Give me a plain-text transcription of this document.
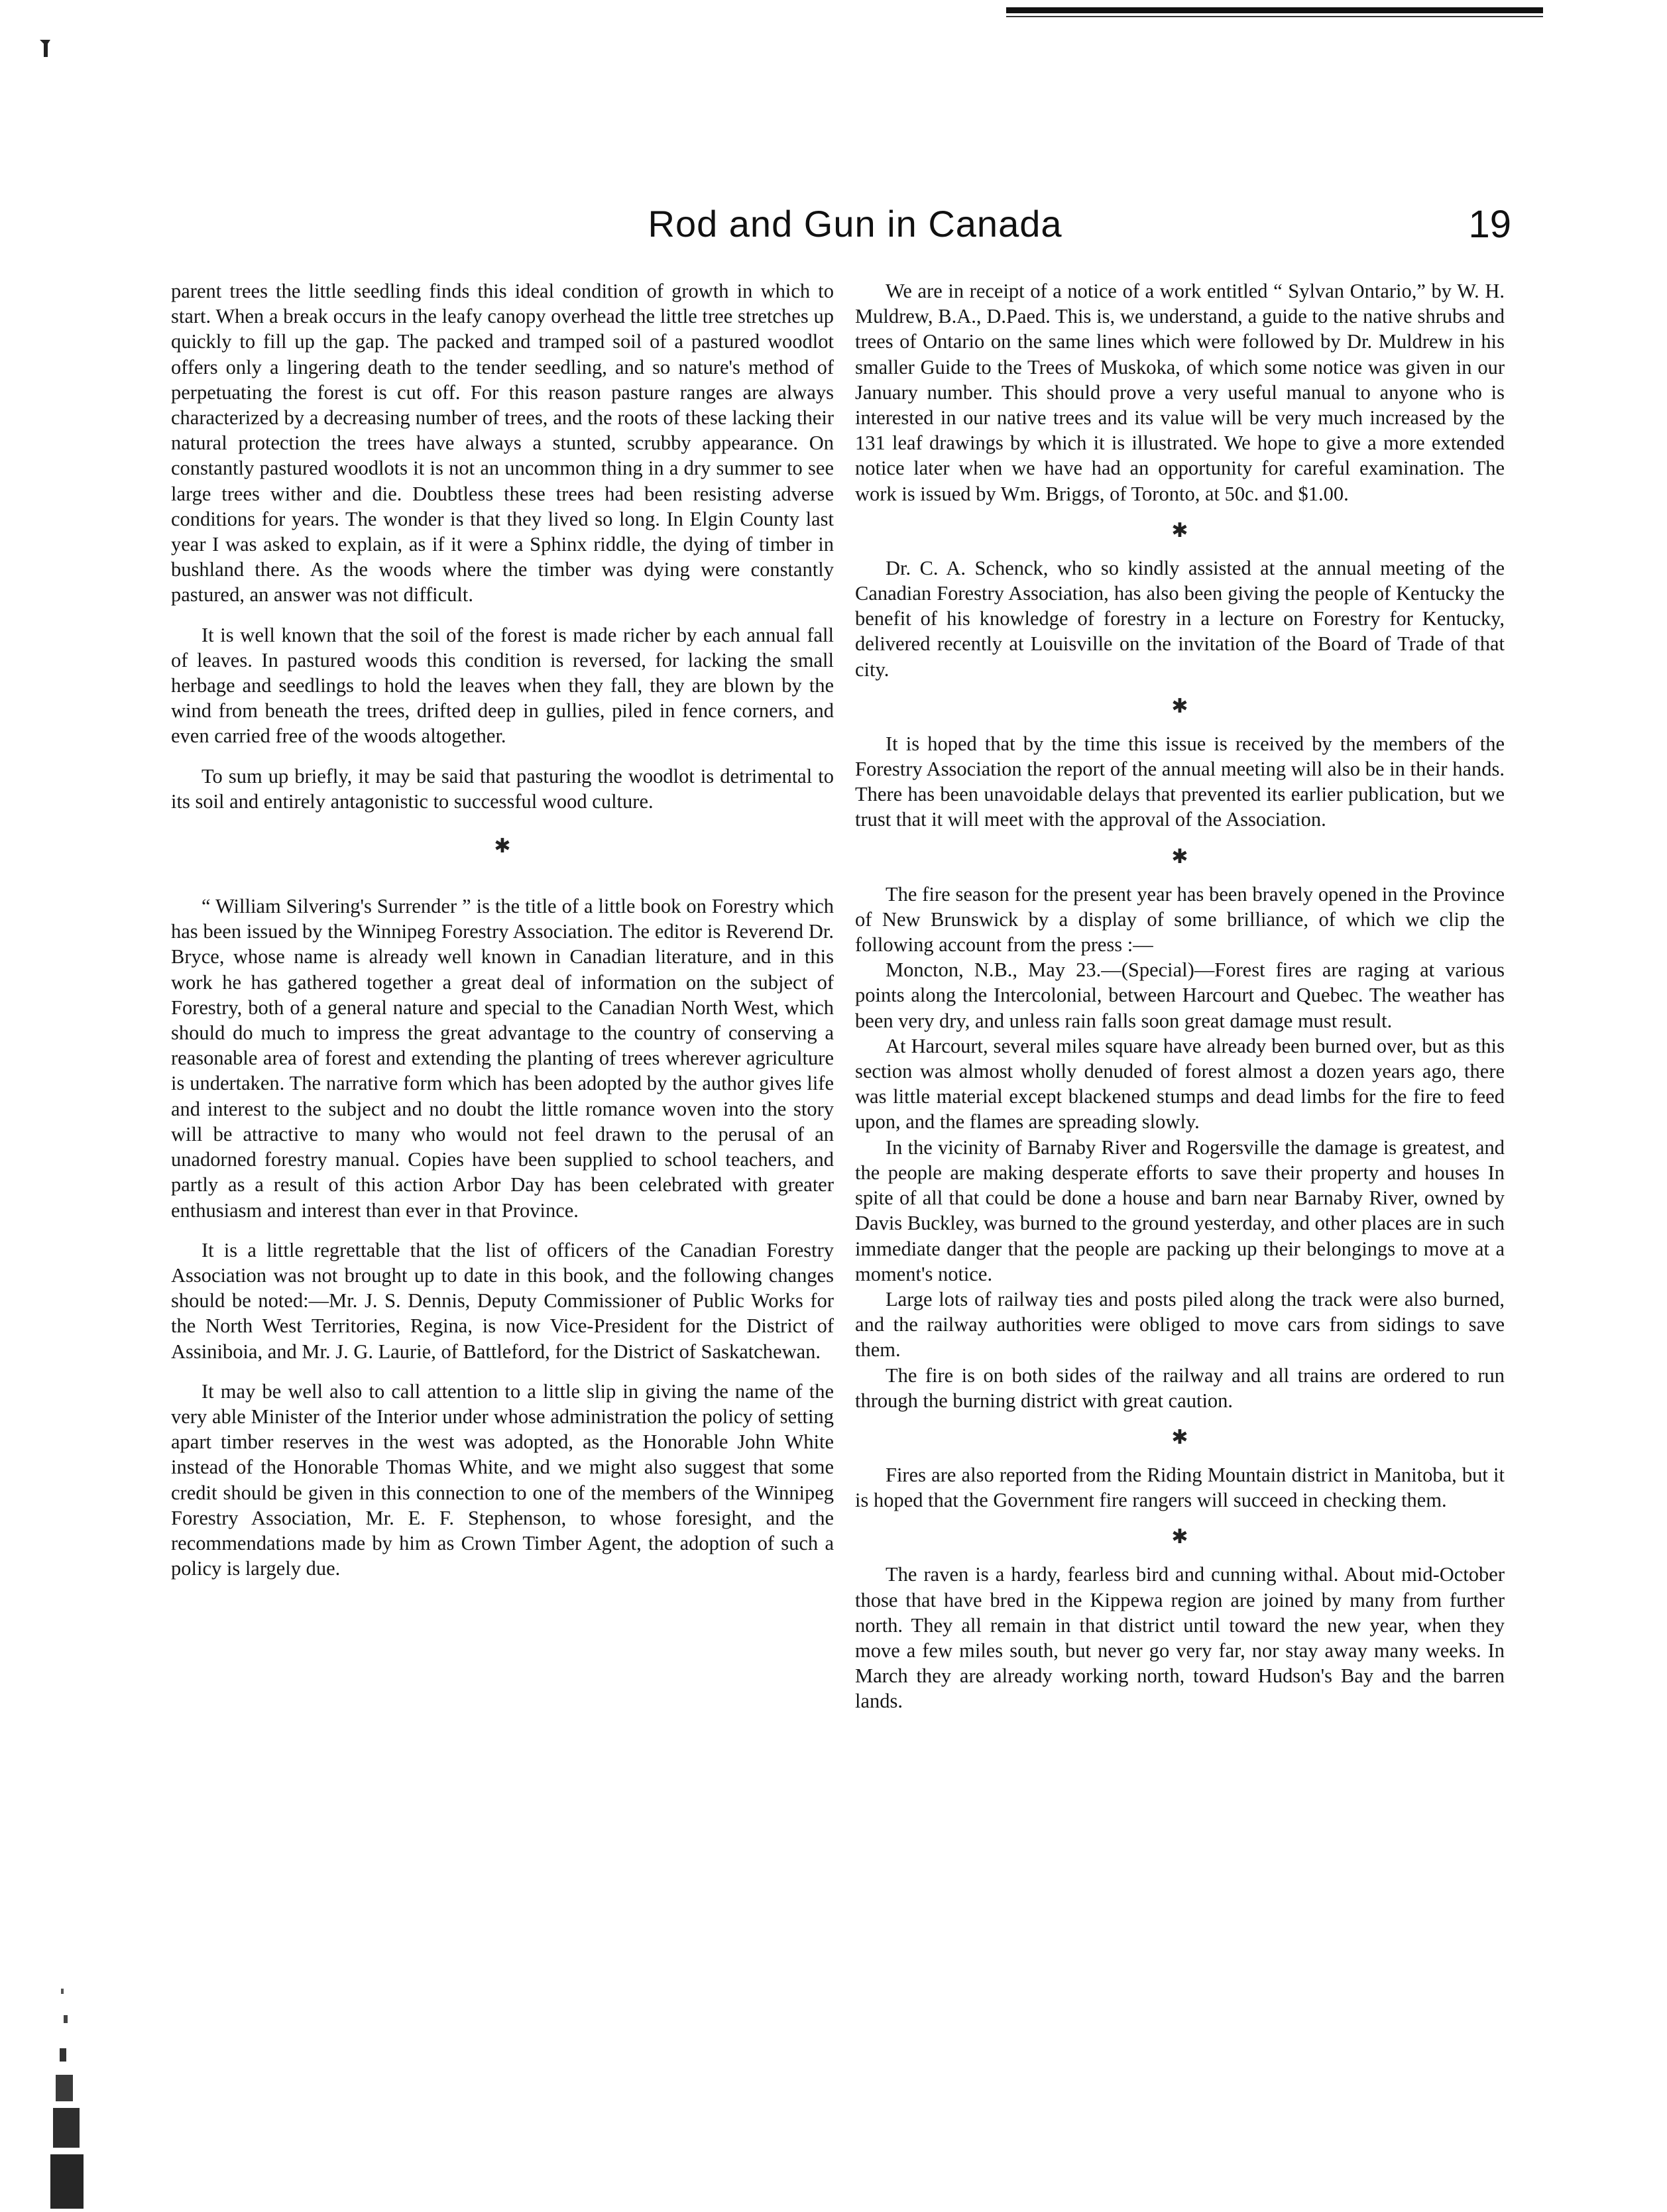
Rod and Gun in Canada	19

parent trees the little seedling finds this ideal condition of growth in which to start. When a break occurs in the leafy canopy overhead the little tree stretches up quickly to fill up the gap. The packed and tramped soil of a pastured woodlot offers only a lingering death to the tender seedling, and so nature's method of perpetuating the forest is cut off. For this reason pasture ranges are always characterized by a decreasing number of trees, and the roots of these lacking their natural protection the trees have always a stunted, scrubby appearance. On constantly pastured woodlots it is not an uncommon thing in a dry summer to see large trees wither and die. Doubtless these trees had been resisting adverse conditions for years. The wonder is that they lived so long. In Elgin County last year I was asked to explain, as if it were a Sphinx riddle, the dying of timber in bushland there. As the woods where the timber was dying were constantly pastured, an answer was not difficult.

It is well known that the soil of the forest is made richer by each annual fall of leaves. In pastured woods this condition is reversed, for lacking the small herbage and seedlings to hold the leaves when they fall, they are blown by the wind from beneath the trees, drifted deep in gullies, piled in fence corners, and even carried free of the woods altogether.

To sum up briefly, it may be said that pasturing the woodlot is detrimental to its soil and entirely antagonistic to successful wood culture.

✱

“ William Silvering's Surrender ” is the title of a little book on Forestry which has been issued by the Winnipeg Forestry Association. The editor is Reverend Dr. Bryce, whose name is already well known in Canadian literature, and in this work he has gathered together a great deal of information on the subject of Forestry, both of a general nature and special to the Canadian North West, which should do much to impress the great advantage to the country of conserving a reasonable area of forest and extending the planting of trees wherever agriculture is undertaken. The narrative form which has been adopted by the author gives life and interest to the subject and no doubt the little romance woven into the story will be attractive to many who would not feel drawn to the perusal of an unadorned forestry manual. Copies have been supplied to school teachers, and partly as a result of this action Arbor Day has been celebrated with greater enthusiasm and interest than ever in that Province.

It is a little regrettable that the list of officers of the Canadian Forestry Association was not brought up to date in this book, and the following changes should be noted:—Mr. J. S. Dennis, Deputy Commissioner of Public Works for the North West Territories, Regina, is now Vice-President for the District of Assiniboia, and Mr. J. G. Laurie, of Battleford, for the District of Saskatchewan.

It may be well also to call attention to a little slip in giving the name of the very able Minister of the Interior under whose administration the policy of setting apart timber reserves in the west was adopted, as the Honorable John White instead of the Honorable Thomas White, and we might also suggest that some credit should be given in this connection to one of the members of the Winnipeg Forestry Association, Mr. E. F. Stephenson, to whose foresight, and the recommendations made by him as Crown Timber Agent, the adoption of such a policy is largely due.

We are in receipt of a notice of a work entitled “ Sylvan Ontario,” by W. H. Muldrew, B.A., D.Paed. This is, we understand, a guide to the native shrubs and trees of Ontario on the same lines which were followed by Dr. Muldrew in his smaller Guide to the Trees of Muskoka, of which some notice was given in our January number. This should prove a very useful manual to anyone who is interested in our native trees and its value will be very much increased by the 131 leaf drawings by which it is illustrated. We hope to give a more extended notice later when we have had an opportunity for careful examination. The work is issued by Wm. Briggs, of Toronto, at 50c. and $1.00.

✱

Dr. C. A. Schenck, who so kindly assisted at the annual meeting of the Canadian Forestry Association, has also been giving the people of Kentucky the benefit of his knowledge of forestry in a lecture on Forestry for Kentucky, delivered recently at Louisville on the invitation of the Board of Trade of that city.

✱

It is hoped that by the time this issue is received by the members of the Forestry Association the report of the annual meeting will also be in their hands. There has been unavoidable delays that prevented its earlier publication, but we trust that it will meet with the approval of the Association.

✱

The fire season for the present year has been bravely opened in the Province of New Brunswick by a display of some brilliance, of which we clip the following account from the press :—

Moncton, N.B., May 23.—(Special)—Forest fires are raging at various points along the Intercolonial, between Harcourt and Quebec. The weather has been very dry, and unless rain falls soon great damage must result.

At Harcourt, several miles square have already been burned over, but as this section was almost wholly denuded of forest almost a dozen years ago, there was little material except blackened stumps and dead limbs for the fire to feed upon, and the flames are spreading slowly.

In the vicinity of Barnaby River and Rogersville the damage is greatest, and the people are making desperate efforts to save their property and houses In spite of all that could be done a house and barn near Barnaby River, owned by Davis Buckley, was burned to the ground yesterday, and other places are in such immediate danger that the people are packing up their belongings to move at a moment's notice.

Large lots of railway ties and posts piled along the track were also burned, and the railway authorities were obliged to move cars from sidings to save them.

The fire is on both sides of the railway and all trains are ordered to run through the burning district with great caution.

✱

Fires are also reported from the Riding Mountain district in Manitoba, but it is hoped that the Government fire rangers will succeed in checking them.

✱

The raven is a hardy, fearless bird and cunning withal. About mid-October those that have bred in the Kippewa region are joined by many from further north. They all remain in that district until toward the new year, when they move a few miles south, but never go very far, nor stay away many weeks. In March they are already working north, toward Hudson's Bay and the barren lands.
